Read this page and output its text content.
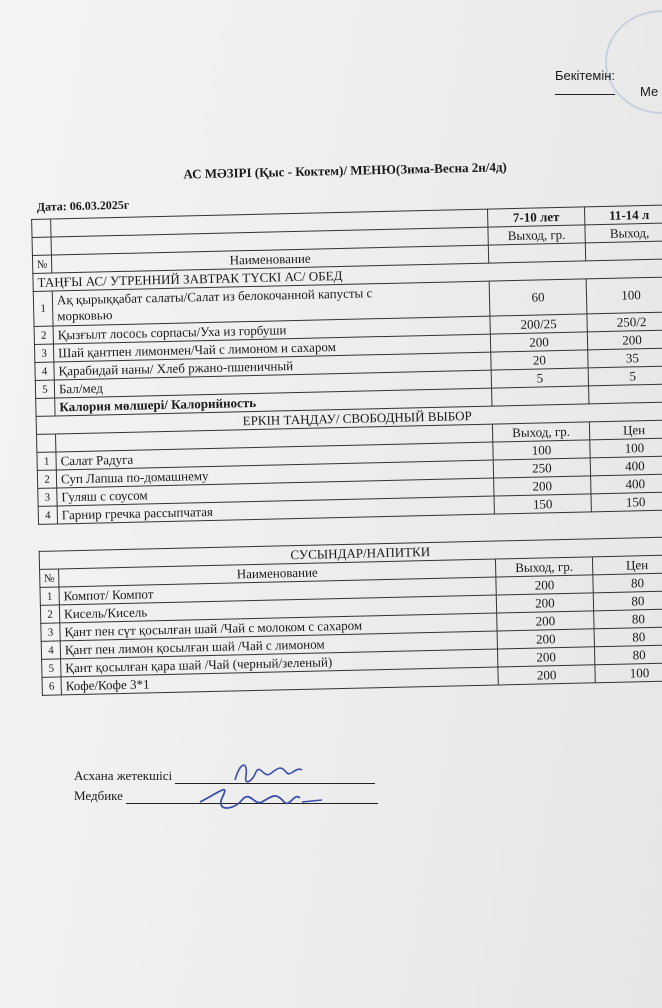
Бекітемін:
Ме
АС МӘЗІРІ (Қыс - Коктем)/ МЕНЮ(Зима-Весна 2н/4д)
Дата: 06.03.2025г
		7-10 лет	11-14 л
		Выход, гр.	Выход,
№	Наименование		
ТАҢҒЫ АС/ УТРЕННИЙ ЗАВТРАК ТҮСКІ АС/ ОБЕД			
1	Ақ қырыққабат салаты/Салат из белокочанной капусты с
морковью	60	100
2	Қызғылт лосось сорпасы/Уха из горбуши	200/25	250/2
3	Шай қантпен лимонмен/Чай с лимоном и сахаром	200	200
4	Қарабидай наны/ Хлеб ржано-пшеничный	20	35
5	Бал/мед	5	5
	Калория мөлшері/ Калорийность		
ЕРКІН ТАҢДАУ/ СВОБОДНЫЙ ВЫБОР			
		Выход, гр.	Цен
1	Салат Радуга	100	100
2	Суп Лапша по-домашнему	250	400
3	Гуляш с соусом	200	400
4	Гарнир гречка рассыпчатая	150	150
СУСЫНДАР/НАПИТКИ			
№	Наименование	Выход, гр.	Цен
1	Компот/ Компот	200	80
2	Кисель/Кисель	200	80
3	Қант пен сүт қосылған шай /Чай с молоком с сахаром	200	80
4	Қант пен лимон қосылған шай /Чай с лимоном	200	80
5	Қант қосылған қара шай /Чай (черный/зеленый)	200	80
6	Кофе/Кофе 3*1	200	100
Асхана жетекшісі
Медбике
